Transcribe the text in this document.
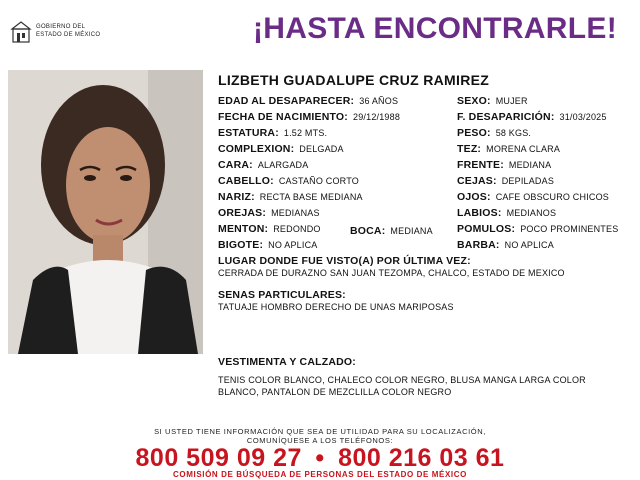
GOBIERNO DEL
ESTADO DE MÉXICO	¡HASTA ENCONTRARLE!
LIZBETH GUADALUPE CRUZ RAMIREZ
EDAD AL DESAPARECER: 36 AÑOS
FECHA DE NACIMIENTO: 29/12/1988
ESTATURA: 1.52 MTS.
COMPLEXION: DELGADA
CARA: ALARGADA
CABELLO: CASTAÑO CORTO
NARIZ: RECTA BASE MEDIANA
OREJAS: MEDIANAS
MENTON: REDONDO	BOCA: MEDIANA
BIGOTE: NO APLICA
SEXO: MUJER
F. DESAPARICIÓN: 31/03/2025
PESO: 58 KGS.
TEZ: MORENA CLARA
FRENTE: MEDIANA
CEJAS: DEPILADAS
OJOS: CAFE OBSCURO CHICOS
LABIOS: MEDIANOS
POMULOS: POCO PROMINENTES
BARBA: NO APLICA
LUGAR DONDE FUE VISTO(A) POR ÚLTIMA VEZ:
CERRADA DE DURAZNO SAN JUAN TEZOMPA, CHALCO, ESTADO DE MEXICO
SENAS PARTICULARES:
TATUAJE HOMBRO DERECHO DE UNAS MARIPOSAS
VESTIMENTA Y CALZADO:
TENIS COLOR BLANCO, CHALECO COLOR NEGRO, BLUSA MANGA LARGA COLOR
BLANCO, PANTALON DE MEZCLILLA COLOR NEGRO
SI USTED TIENE INFORMACIÓN QUE SEA DE UTILIDAD PARA SU LOCALIZACIÓN,
COMUNÍQUESE A LOS TELÉFONOS:
800 509 09 27 • 800 216 03 61
COMISIÓN DE BÚSQUEDA DE PERSONAS DEL ESTADO DE MÉXICO
